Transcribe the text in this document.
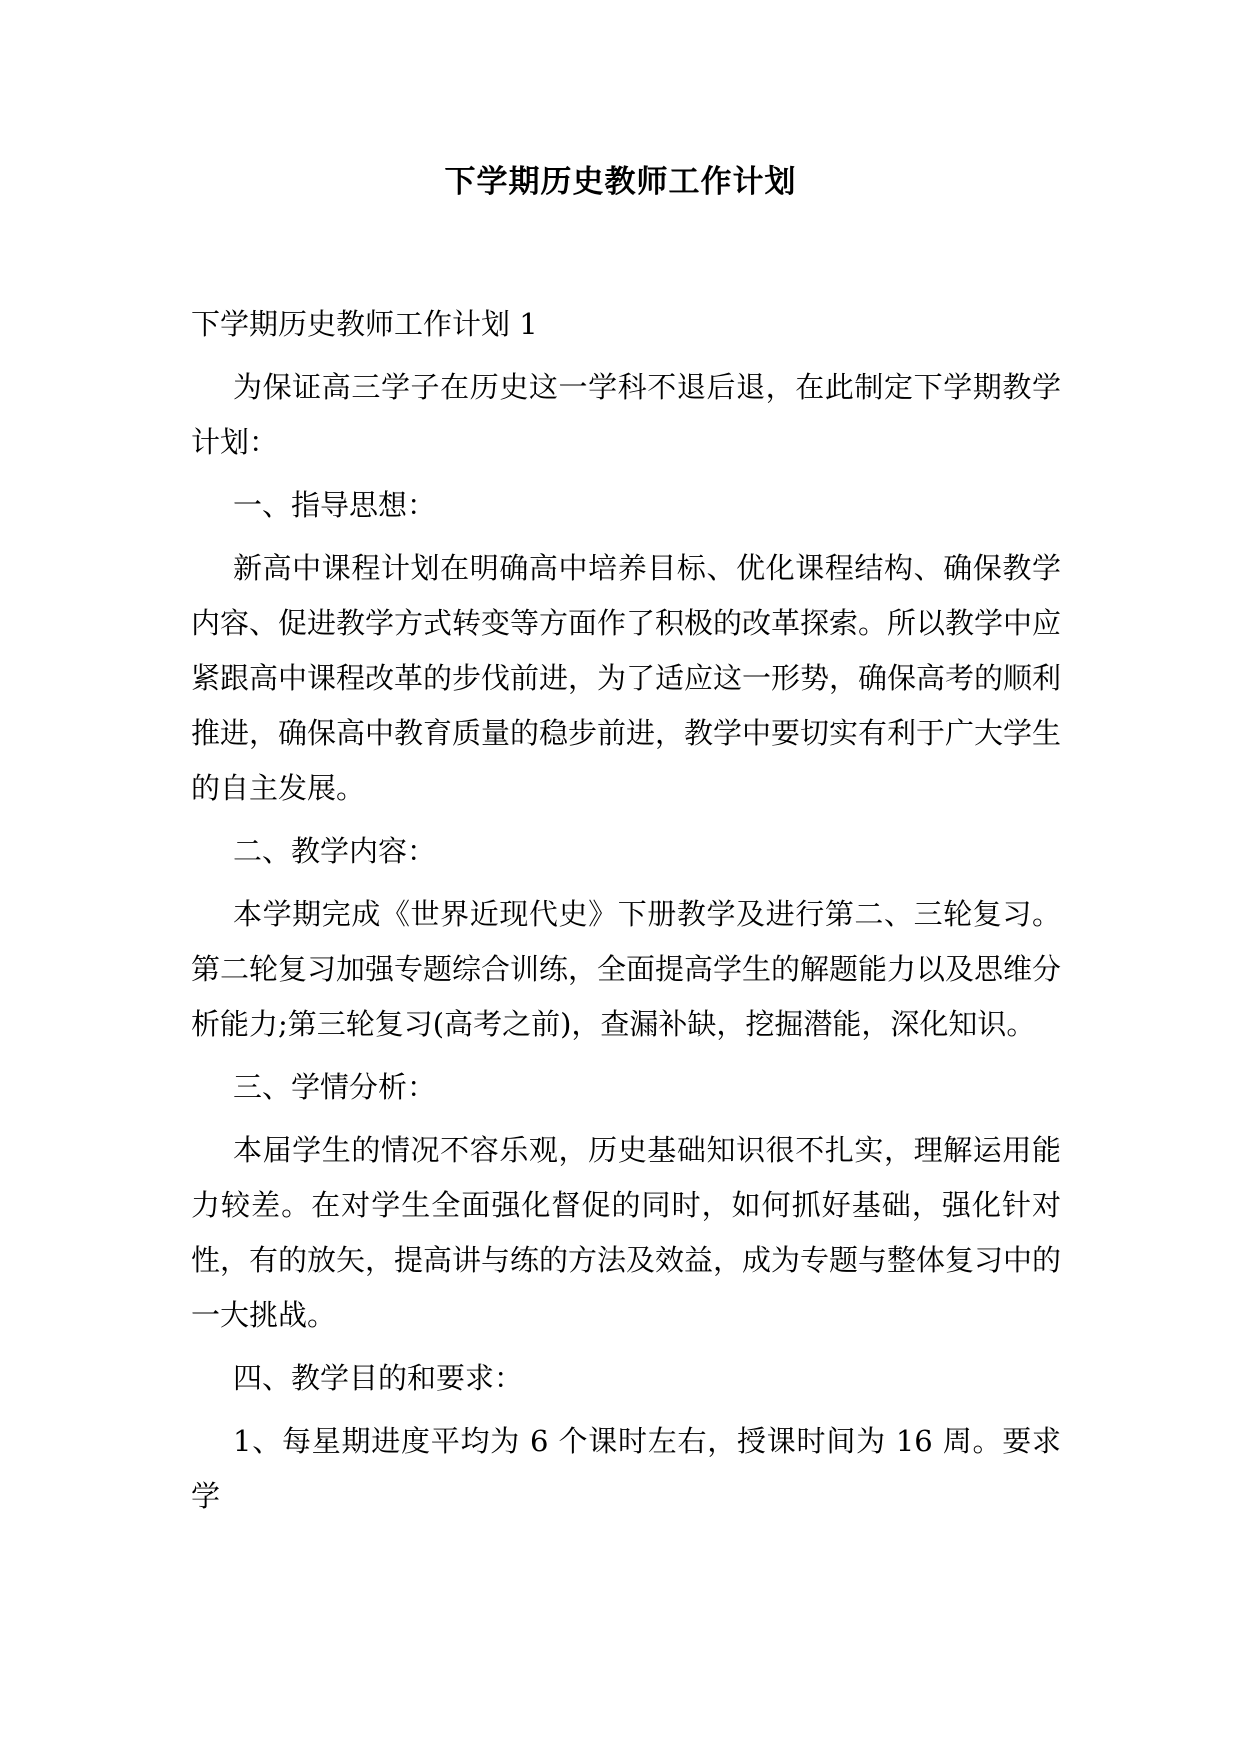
下学期历史教师工作计划

下学期历史教师工作计划 1

为保证高三学子在历史这一学科不退后退，在此制定下学期教学计划：

一、指导思想：

新高中课程计划在明确高中培养目标、优化课程结构、确保教学内容、促进教学方式转变等方面作了积极的改革探索。所以教学中应紧跟高中课程改革的步伐前进，为了适应这一形势，确保高考的顺利推进，确保高中教育质量的稳步前进，教学中要切实有利于广大学生的自主发展。

二、教学内容：

本学期完成《世界近现代史》下册教学及进行第二、三轮复习。第二轮复习加强专题综合训练，全面提高学生的解题能力以及思维分析能力;第三轮复习(高考之前)，查漏补缺，挖掘潜能，深化知识。

三、学情分析：

本届学生的情况不容乐观，历史基础知识很不扎实，理解运用能力较差。在对学生全面强化督促的同时，如何抓好基础，强化针对性，有的放矢，提高讲与练的方法及效益，成为专题与整体复习中的一大挑战。

四、教学目的和要求：

1、每星期进度平均为 6 个课时左右，授课时间为 16 周。要求学
